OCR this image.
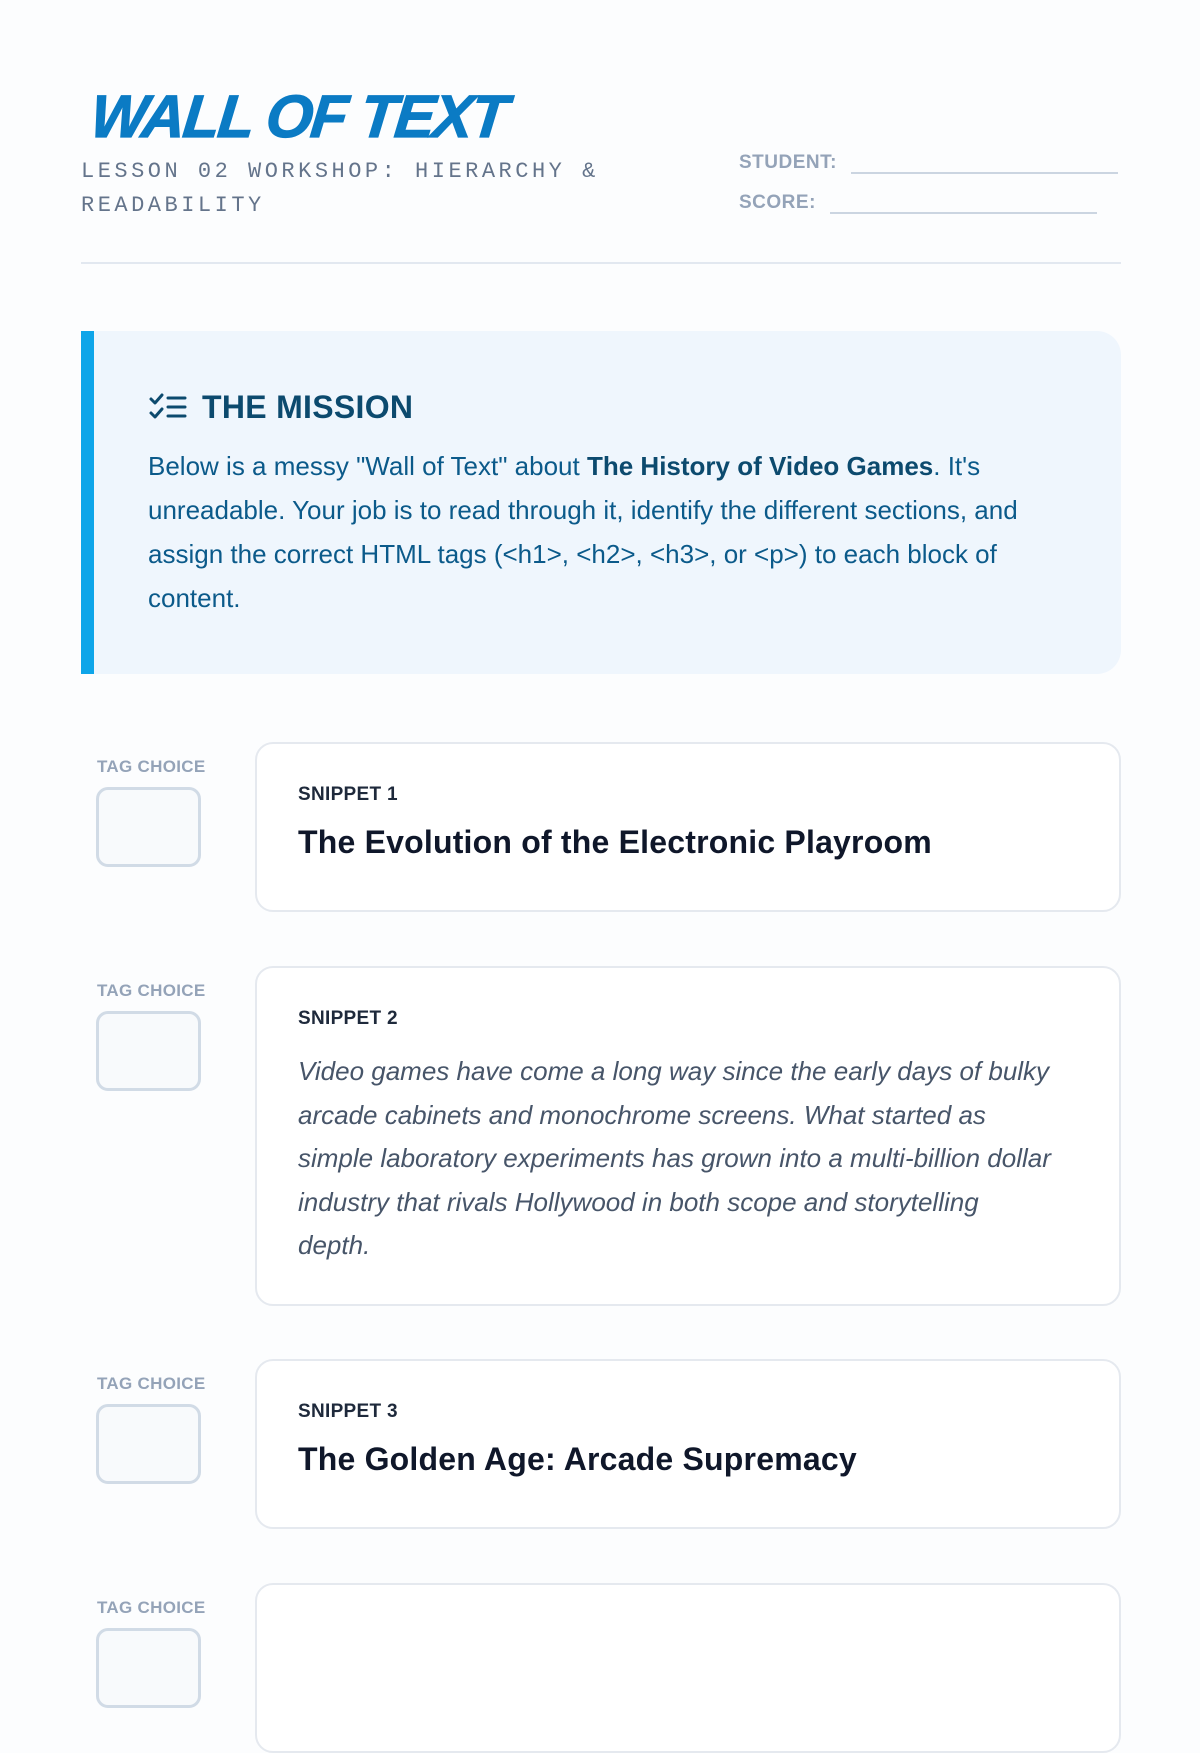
WALL OF TEXT
LESSON 02 WORKSHOP: HIERARCHY & READABILITY
STUDENT:
SCORE:
THE MISSION

Below is a messy "Wall of Text" about The History of Video Games. It's unreadable. Your job is to read through it, identify the different sections, and assign the correct HTML tags (<h1>, <h2>, <h3>, or <p>) to each block of content.

TAG CHOICE
SNIPPET 1
The Evolution of the Electronic Playroom
TAG CHOICE
SNIPPET 2
Video games have come a long way since the early days of bulky arcade cabinets and monochrome screens. What started as simple laboratory experiments has grown into a multi-billion dollar industry that rivals Hollywood in both scope and storytelling depth.
TAG CHOICE
SNIPPET 3
The Golden Age: Arcade Supremacy
TAG CHOICE
